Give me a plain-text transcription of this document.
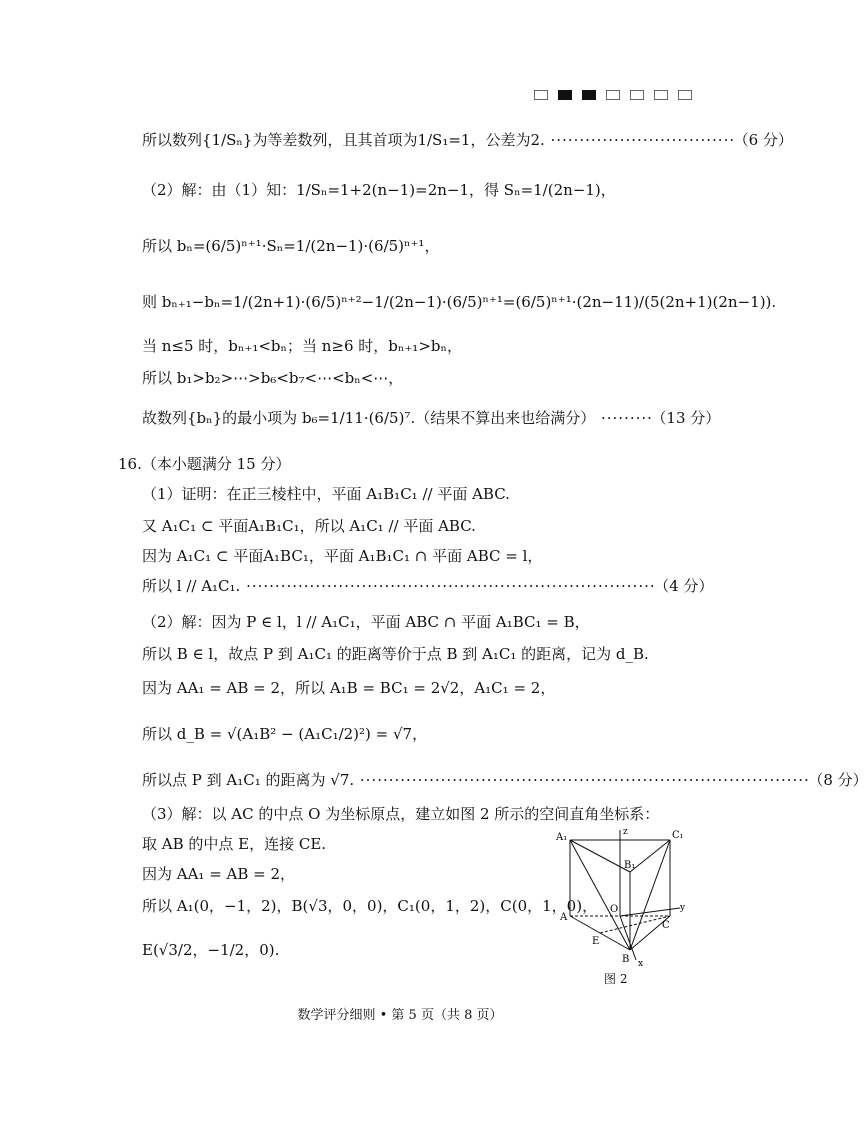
所以数列{1/Sₙ}为等差数列，且其首项为1/S₁=1，公差为2. ································ （6 分）
（2）解：由（1）知：1/Sₙ=1+2(n−1)=2n−1，得 Sₙ=1/(2n−1)，
所以 bₙ=(6/5)ⁿ⁺¹·Sₙ=1/(2n−1)·(6/5)ⁿ⁺¹，
则 bₙ₊₁−bₙ=1/(2n+1)·(6/5)ⁿ⁺²−1/(2n−1)·(6/5)ⁿ⁺¹=(6/5)ⁿ⁺¹·(2n−11)/(5(2n+1)(2n−1)).
当 n≤5 时，bₙ₊₁<bₙ；当 n≥6 时，bₙ₊₁>bₙ，
所以 b₁>b₂>⋯>b₆<b₇<⋯<bₙ<⋯，
故数列{bₙ}的最小项为 b₆=1/11·(6/5)⁷.（结果不算出来也给满分） ········· （13 分）
16.（本小题满分 15 分）
（1）证明：在正三棱柱中，平面 A₁B₁C₁ // 平面 ABC.
又 A₁C₁ ⊂ 平面A₁B₁C₁，所以 A₁C₁ // 平面 ABC.
因为 A₁C₁ ⊂ 平面A₁BC₁，平面 A₁B₁C₁ ∩ 平面 ABC = l，
所以 l // A₁C₁. ······································································· （4 分）
（2）解：因为 P ∈ l，l // A₁C₁，平面 ABC ∩ 平面 A₁BC₁ = B，
所以 B ∈ l，故点 P 到 A₁C₁ 的距离等价于点 B 到 A₁C₁ 的距离，记为 d_B.
因为 AA₁ = AB = 2，所以 A₁B = BC₁ = 2√2，A₁C₁ = 2，
所以 d_B = √(A₁B² − (A₁C₁/2)²) = √7，
所以点 P 到 A₁C₁ 的距离为 √7. ·············································································· （8 分）
（3）解：以 AC 的中点 O 为坐标原点，建立如图 2 所示的空间直角坐标系：
取 AB 的中点 E，连接 CE.
因为 AA₁ = AB = 2，
所以 A₁(0，−1，2)，B(√3，0，0)，C₁(0，1，2)，C(0，1，0)，
E(√3/2，−1/2，0).
A₁	C₁
B₁
A
B
C
O
E
z
y
x
图 2
数学评分细则 • 第 5 页（共 8 页）
